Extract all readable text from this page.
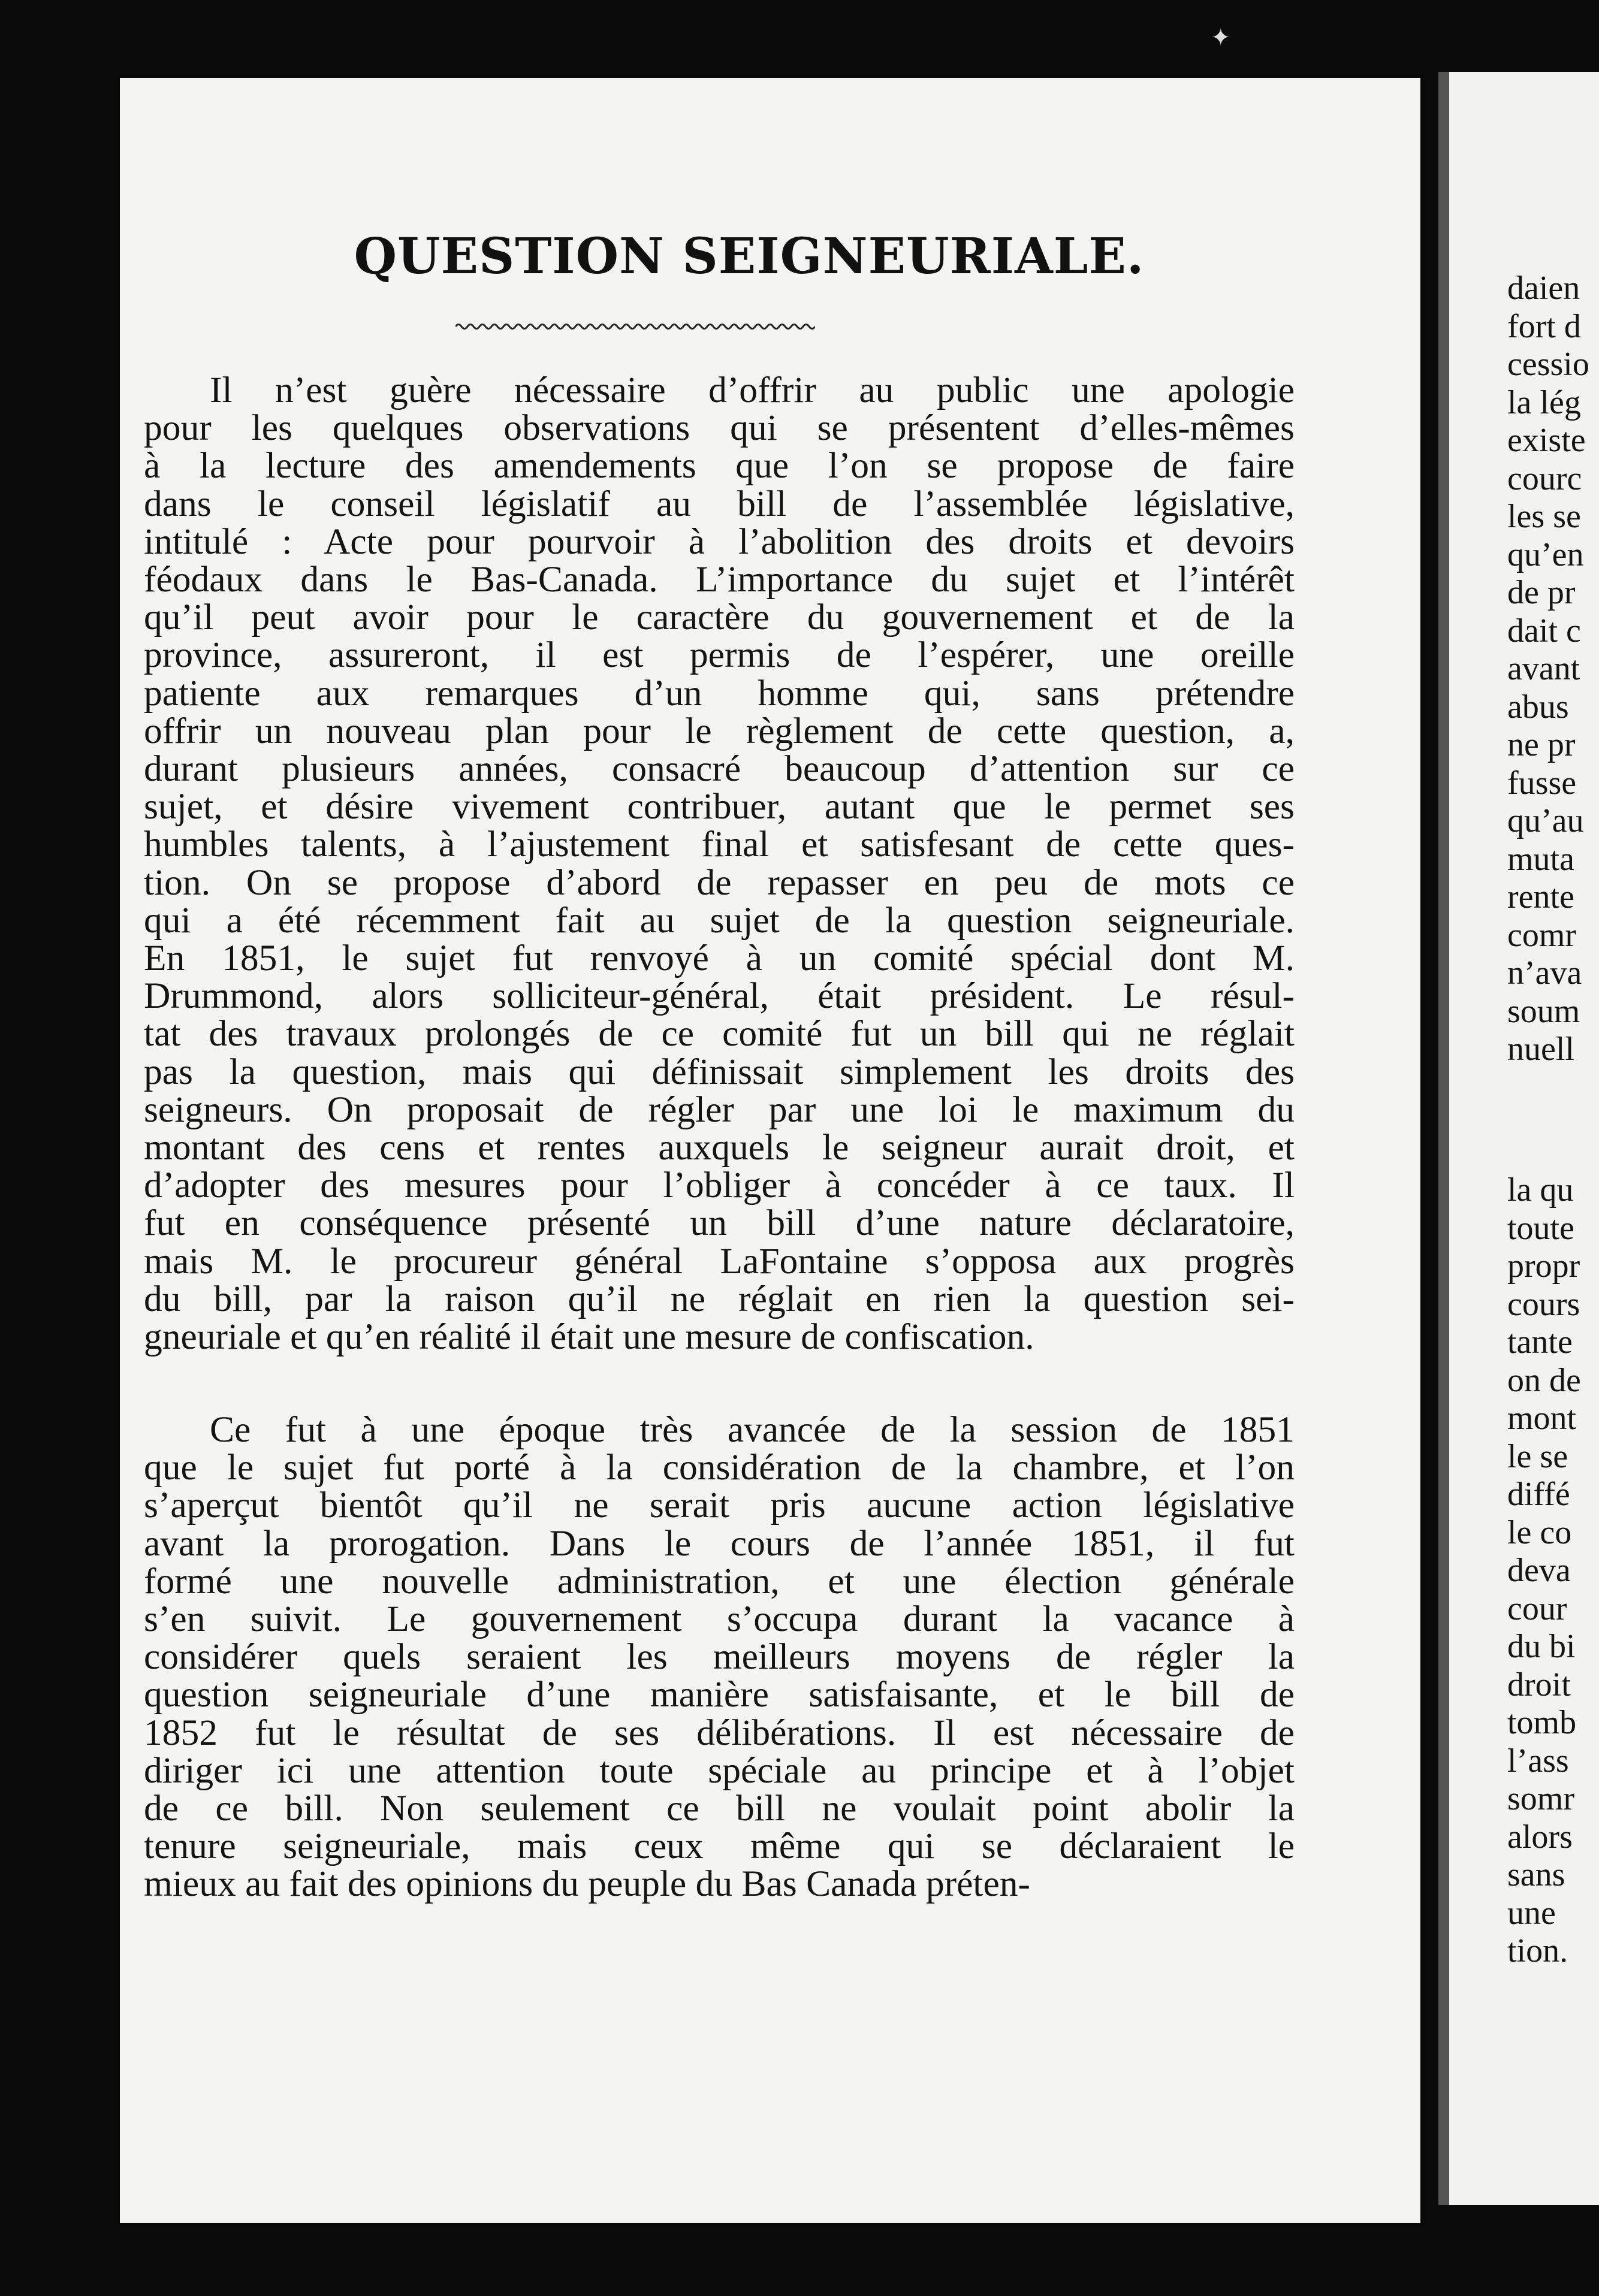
QUESTION SEIGNEURIALE.
Il n’est guère nécessaire d’offrir au public une apologie
pour les quelques observations qui se présentent d’elles-mêmes
à la lecture des amendements que l’on se propose de faire
dans le conseil législatif au bill de l’assemblée législative,
intitulé : Acte pour pourvoir à l’abolition des droits et devoirs
féodaux dans le Bas-Canada. L’importance du sujet et l’intérêt
qu’il peut avoir pour le caractère du gouvernement et de la
province, assureront, il est permis de l’espérer, une oreille
patiente aux remarques d’un homme qui, sans prétendre
offrir un nouveau plan pour le règlement de cette question, a,
durant plusieurs années, consacré beaucoup d’attention sur ce
sujet, et désire vivement contribuer, autant que le permet ses
humbles talents, à l’ajustement final et satisfesant de cette ques-
tion. On se propose d’abord de repasser en peu de mots ce
qui a été récemment fait au sujet de la question seigneuriale.
En 1851, le sujet fut renvoyé à un comité spécial dont M.
Drummond, alors solliciteur-général, était président. Le résul-
tat des travaux prolongés de ce comité fut un bill qui ne réglait
pas la question, mais qui définissait simplement les droits des
seigneurs. On proposait de régler par une loi le maximum du
montant des cens et rentes auxquels le seigneur aurait droit, et
d’adopter des mesures pour l’obliger à concéder à ce taux. Il
fut en conséquence présenté un bill d’une nature déclaratoire,
mais M. le procureur général LaFontaine s’opposa aux progrès
du bill, par la raison qu’il ne réglait en rien la question sei-
gneuriale et qu’en réalité il était une mesure de confiscation.
Ce fut à une époque très avancée de la session de 1851
que le sujet fut porté à la considération de la chambre, et l’on
s’aperçut bientôt qu’il ne serait pris aucune action législative
avant la prorogation. Dans le cours de l’année 1851, il fut
formé une nouvelle administration, et une élection générale
s’en suivit. Le gouvernement s’occupa durant la vacance à
considérer quels seraient les meilleurs moyens de régler la
question seigneuriale d’une manière satisfaisante, et le bill de
1852 fut le résultat de ses délibérations. Il est nécessaire de
diriger ici une attention toute spéciale au principe et à l’objet
de ce bill. Non seulement ce bill ne voulait point abolir la
tenure seigneuriale, mais ceux même qui se déclaraient le
mieux au fait des opinions du peuple du Bas Canada préten-
daien
fort d
cessio
la lég
existe
courc
les se
qu’en
de pr
dait c
avant
abus
ne pr
fusse
qu’au
muta
rente
comr
n’ava
soum
nuell
la qu
toute
propr
cours
tante
on de
mont
le se
diffé
le co
deva
cour
du bi
droit
tomb
l’ass
somr
alors
sans
une
tion.
✦
